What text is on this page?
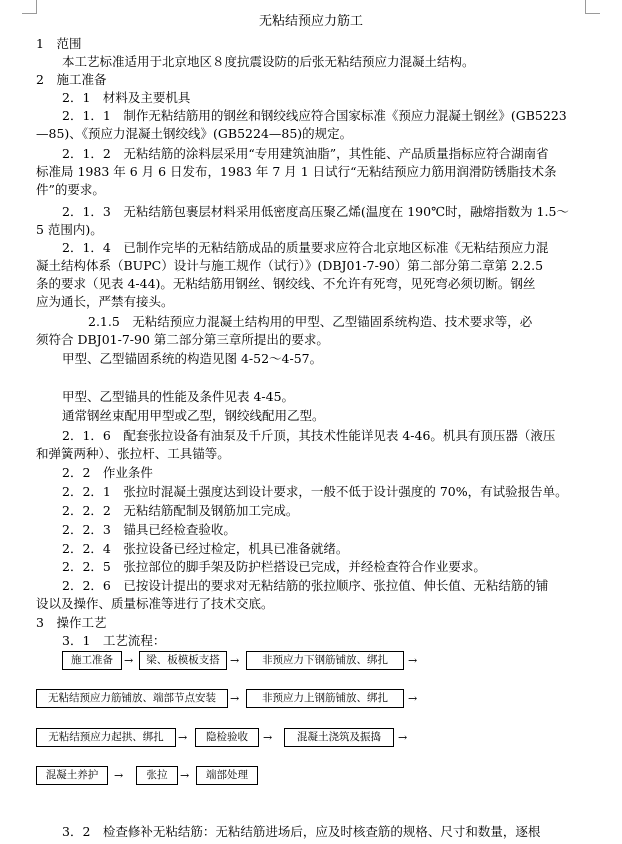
无粘结预应力筋工
1　范围
本工艺标准适用于北京地区８度抗震设防的后张无粘结预应力混凝土结构。
2　施工准备
2．1　材料及主要机具
2．1．1　制作无粘结筋用的钢丝和钢绞线应符合国家标准《预应力混凝土钢丝》(GB5223
—85)、《预应力混凝土钢绞线》(GB5224—85)的规定。
2．1．2　无粘结筋的涂料层采用“专用建筑油脂”，其性能、产品质量指标应符合湖南省
标准局 1983 年 6 月 6 日发布，1983 年 7 月 1 日试行“无粘结预应力筋用润滑防锈脂技术条
件”的要求。
2．1．3　无粘结筋包裹层材料采用低密度高压聚乙烯(温度在 190℃时，融熔指数为 1.5～
5 范围内)。
2．1．4　已制作完毕的无粘结筋成品的质量要求应符合北京地区标准《无粘结预应力混
凝土结构体系（BUPC）设计与施工规作（试行）》(DBJ01-7-90）第二部分第二章第 2.2.5
条的要求（见表 4-44)。无粘结筋用钢丝、钢绞线、不允许有死弯，见死弯必须切断。钢丝
应为通长，严禁有接头。
2.1.5　无粘结预应力混凝土结构用的甲型、乙型锚固系统构造、技术要求等，必
须符合 DBJ01-7-90 第二部分第三章所提出的要求。
甲型、乙型锚固系统的构造见图 4-52～4-57。
甲型、乙型锚具的性能及条件见表 4-45。
通常钢丝束配用甲型或乙型，钢绞线配用乙型。
2．1．6　配套张拉设备有油泵及千斤顶，其技术性能详见表 4-46。机具有顶压器（液压
和弹簧两种）、张拉杆、工具锚等。
2．2　作业条件
2．2．1　张拉时混凝土强度达到设计要求，一般不低于设计强度的 70%，有试验报告单。
2．2．2　无粘结筋配制及钢筋加工完成。
2．2．3　锚具已经检查验收。
2．2．4　张拉设备已经过检定，机具已准备就绪。
2．2．5　张拉部位的脚手架及防护栏搭设已完成，并经检查符合作业要求。
2．2．6　已按设计提出的要求对无粘结筋的张拉顺序、张拉值、伸长值、无粘结筋的铺
设以及操作、质量标准等进行了技术交底。
3　操作工艺
3．1　工艺流程：
施工准备	→	梁、板模板支搭 →	非预应力下钢筋铺放、绑扎	→
无粘结预应力筋铺放、端部节点安装	→	非预应力上钢筋铺放、绑扎	→
无粘结预应力起拱、绑扎	→	隐检验收	→	混凝土浇筑及振捣	→
混凝土养护	→	张拉	→	端部处理
3．2　检查修补无粘结筋：无粘结筋进场后，应及时核查筋的规格、尺寸和数量，逐根
